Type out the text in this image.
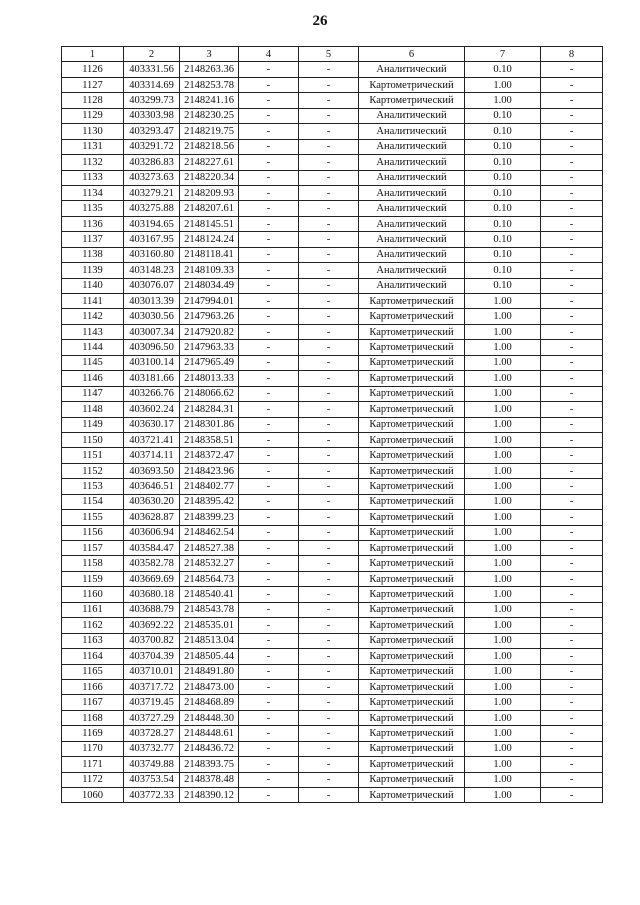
26
1	2	3	4	5	6	7	8
1126	403331.56	2148263.36	-	-	Аналитический	0.10	-
1127	403314.69	2148253.78	-	-	Картометрический	1.00	-
1128	403299.73	2148241.16	-	-	Картометрический	1.00	-
1129	403303.98	2148230.25	-	-	Аналитический	0.10	-
1130	403293.47	2148219.75	-	-	Аналитический	0.10	-
1131	403291.72	2148218.56	-	-	Аналитический	0.10	-
1132	403286.83	2148227.61	-	-	Аналитический	0.10	-
1133	403273.63	2148220.34	-	-	Аналитический	0.10	-
1134	403279.21	2148209.93	-	-	Аналитический	0.10	-
1135	403275.88	2148207.61	-	-	Аналитический	0.10	-
1136	403194.65	2148145.51	-	-	Аналитический	0.10	-
1137	403167.95	2148124.24	-	-	Аналитический	0.10	-
1138	403160.80	2148118.41	-	-	Аналитический	0.10	-
1139	403148.23	2148109.33	-	-	Аналитический	0.10	-
1140	403076.07	2148034.49	-	-	Аналитический	0.10	-
1141	403013.39	2147994.01	-	-	Картометрический	1.00	-
1142	403030.56	2147963.26	-	-	Картометрический	1.00	-
1143	403007.34	2147920.82	-	-	Картометрический	1.00	-
1144	403096.50	2147963.33	-	-	Картометрический	1.00	-
1145	403100.14	2147965.49	-	-	Картометрический	1.00	-
1146	403181.66	2148013.33	-	-	Картометрический	1.00	-
1147	403266.76	2148066.62	-	-	Картометрический	1.00	-
1148	403602.24	2148284.31	-	-	Картометрический	1.00	-
1149	403630.17	2148301.86	-	-	Картометрический	1.00	-
1150	403721.41	2148358.51	-	-	Картометрический	1.00	-
1151	403714.11	2148372.47	-	-	Картометрический	1.00	-
1152	403693.50	2148423.96	-	-	Картометрический	1.00	-
1153	403646.51	2148402.77	-	-	Картометрический	1.00	-
1154	403630.20	2148395.42	-	-	Картометрический	1.00	-
1155	403628.87	2148399.23	-	-	Картометрический	1.00	-
1156	403606.94	2148462.54	-	-	Картометрический	1.00	-
1157	403584.47	2148527.38	-	-	Картометрический	1.00	-
1158	403582.78	2148532.27	-	-	Картометрический	1.00	-
1159	403669.69	2148564.73	-	-	Картометрический	1.00	-
1160	403680.18	2148540.41	-	-	Картометрический	1.00	-
1161	403688.79	2148543.78	-	-	Картометрический	1.00	-
1162	403692.22	2148535.01	-	-	Картометрический	1.00	-
1163	403700.82	2148513.04	-	-	Картометрический	1.00	-
1164	403704.39	2148505.44	-	-	Картометрический	1.00	-
1165	403710.01	2148491.80	-	-	Картометрический	1.00	-
1166	403717.72	2148473.00	-	-	Картометрический	1.00	-
1167	403719.45	2148468.89	-	-	Картометрический	1.00	-
1168	403727.29	2148448.30	-	-	Картометрический	1.00	-
1169	403728.27	2148448.61	-	-	Картометрический	1.00	-
1170	403732.77	2148436.72	-	-	Картометрический	1.00	-
1171	403749.88	2148393.75	-	-	Картометрический	1.00	-
1172	403753.54	2148378.48	-	-	Картометрический	1.00	-
1060	403772.33	2148390.12	-	-	Картометрический	1.00	-
